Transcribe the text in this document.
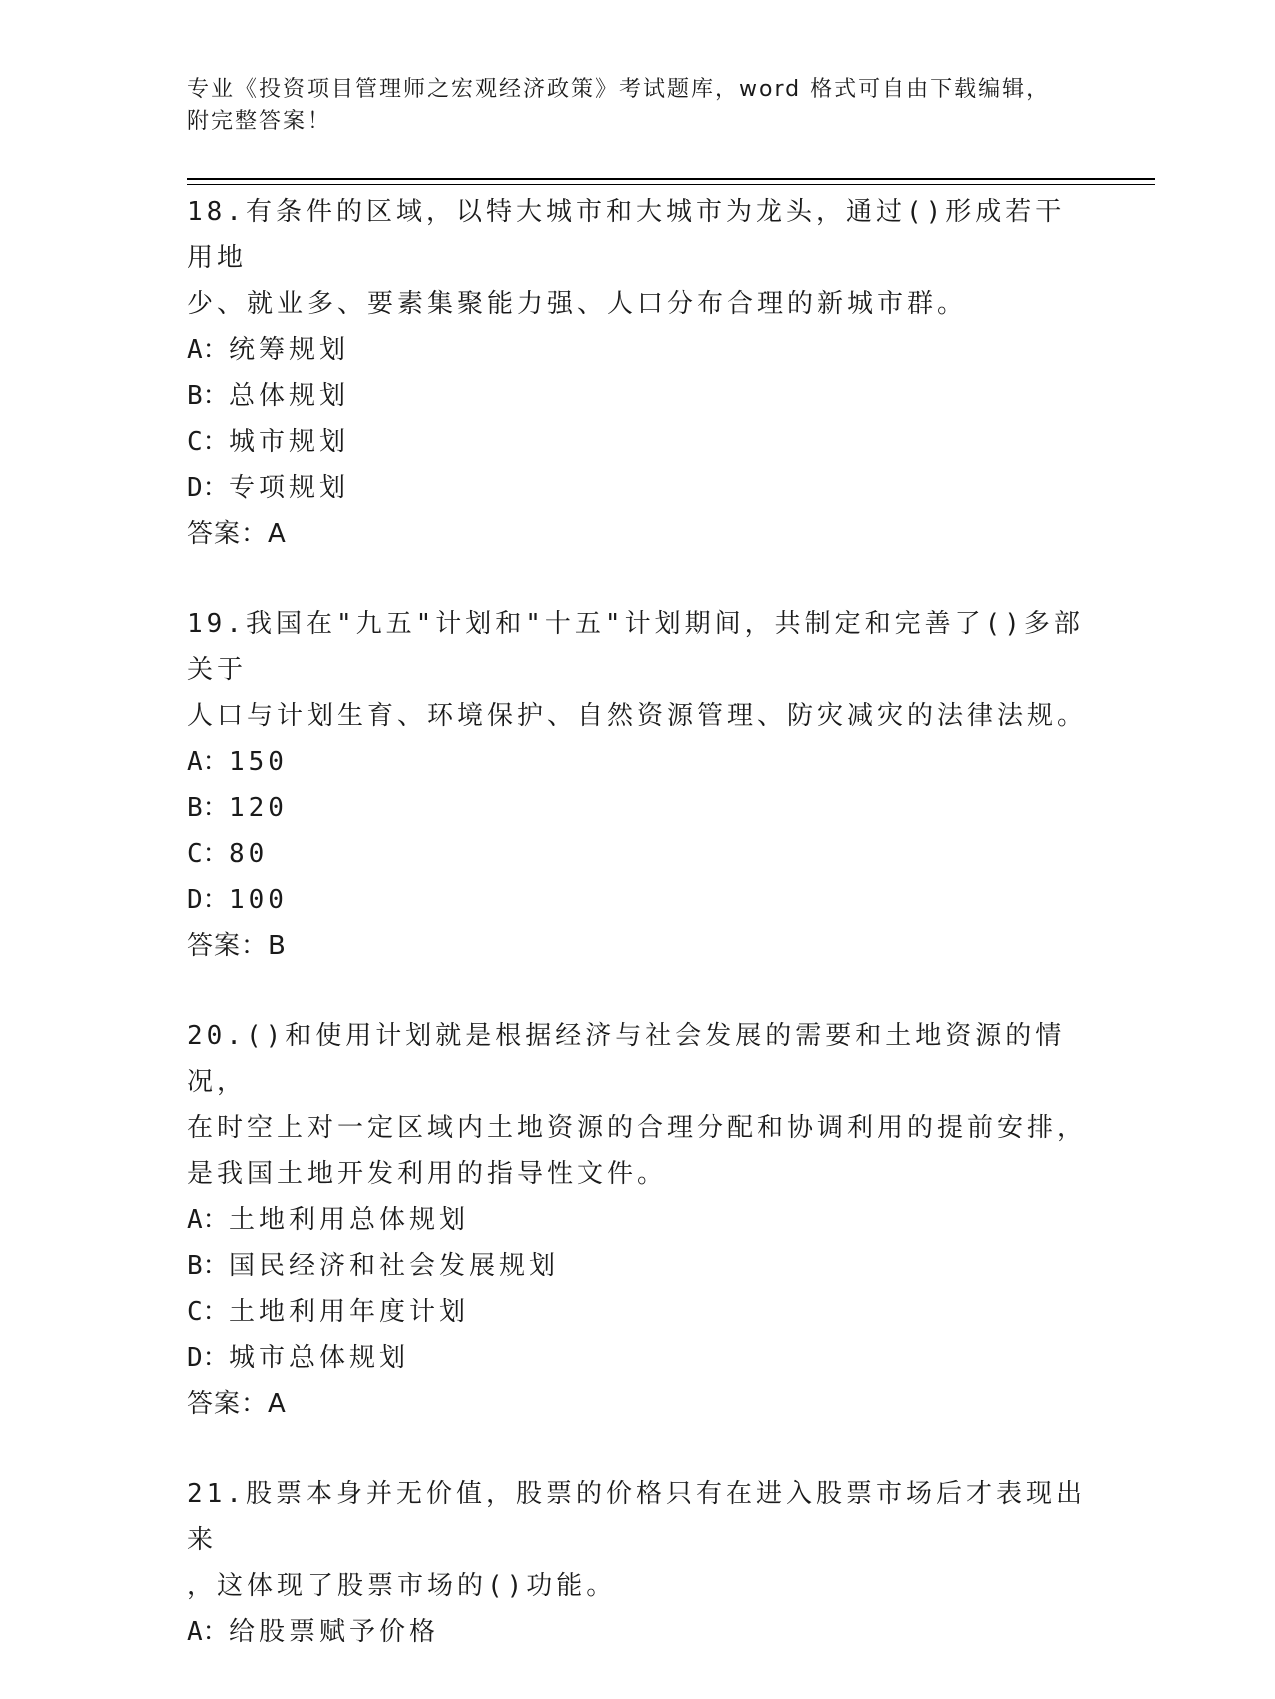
专业《投资项目管理师之宏观经济政策》考试题库，word 格式可自由下载编辑，
附完整答案！

18.有条件的区域，以特大城市和大城市为龙头，通过()形成若干用地

少、就业多、要素集聚能力强、人口分布合理的新城市群。

A：统筹规划

B：总体规划

C：城市规划

D：专项规划

答案：A

19.我国在"九五"计划和"十五"计划期间，共制定和完善了()多部关于

人口与计划生育、环境保护、自然资源管理、防灾减灾的法律法规。

A：150

B：120

C：80

D：100

答案：B

20.()和使用计划就是根据经济与社会发展的需要和土地资源的情况，

在时空上对一定区域内土地资源的合理分配和协调利用的提前安排，

是我国土地开发利用的指导性文件。

A：土地利用总体规划

B：国民经济和社会发展规划

C：土地利用年度计划

D：城市总体规划

答案：A

21.股票本身并无价值，股票的价格只有在进入股票市场后才表现出来

，这体现了股票市场的()功能。

A：给股票赋予价格
